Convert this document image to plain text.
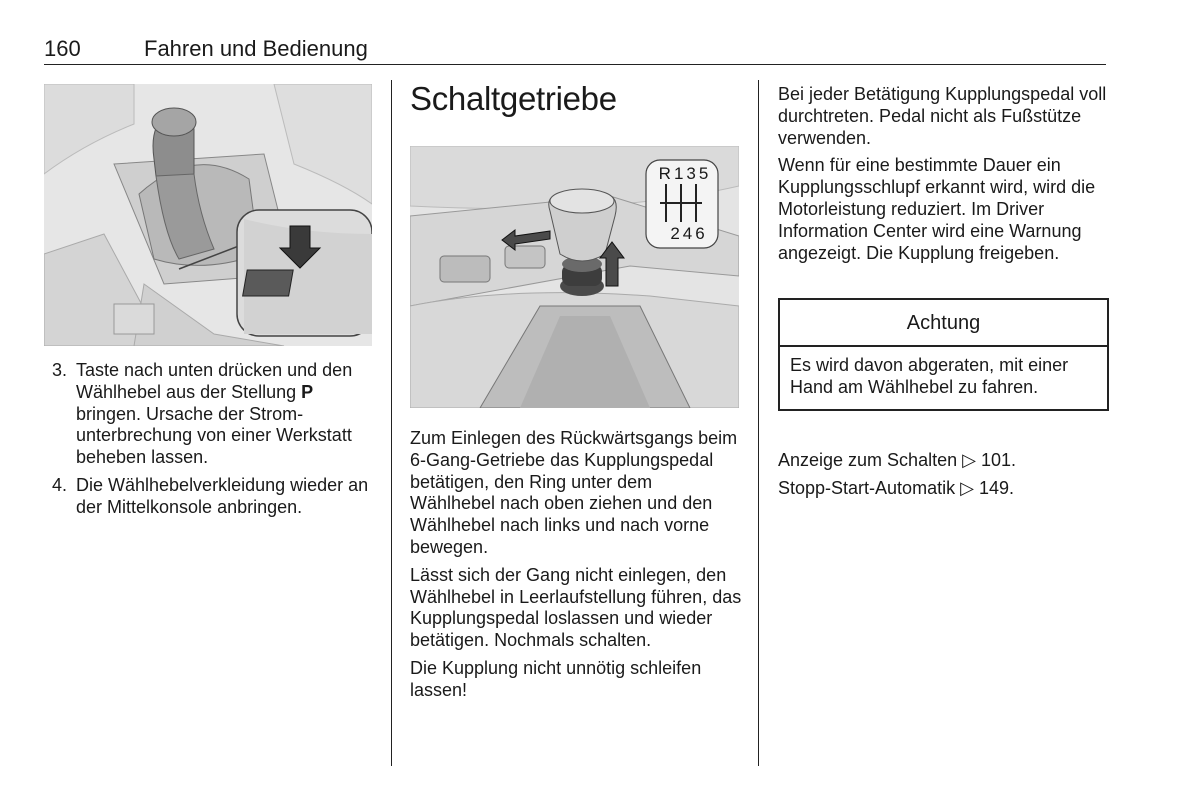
160	Fahren und Bedienung
3. Taste nach unten drücken und den Wählhebel aus der Stellung P bringen. Ursache der Stromunterbrechung von einer Werkstatt beheben lassen.
4. Die Wählhebelverkleidung wieder an der Mittelkonsole anbringen.
Schaltgetriebe
R135
246

Zum Einlegen des Rückwärtsgangs beim 6-Gang-Getriebe das Kupplungspedal betätigen, den Ring unter dem Wählhebel nach oben ziehen und den Wählhebel nach links und nach vorne bewegen.

Lässt sich der Gang nicht einlegen, den Wählhebel in Leerlaufstellung führen, das Kupplungspedal loslassen und wieder betätigen. Nochmals schalten.

Die Kupplung nicht unnötig schleifen lassen!

Bei jeder Betätigung Kupplungspedal voll durchtreten. Pedal nicht als Fußstütze verwenden.

Wenn für eine bestimmte Dauer ein Kupplungsschlupf erkannt wird, wird die Motorleistung reduziert. Im Driver Information Center wird eine Warnung angezeigt. Die Kupplung freigeben.

Achtung
Es wird davon abgeraten, mit einer Hand am Wählhebel zu fahren.

Anzeige zum Schalten ▷ 101.

Stopp-Start-Automatik ▷ 149.
